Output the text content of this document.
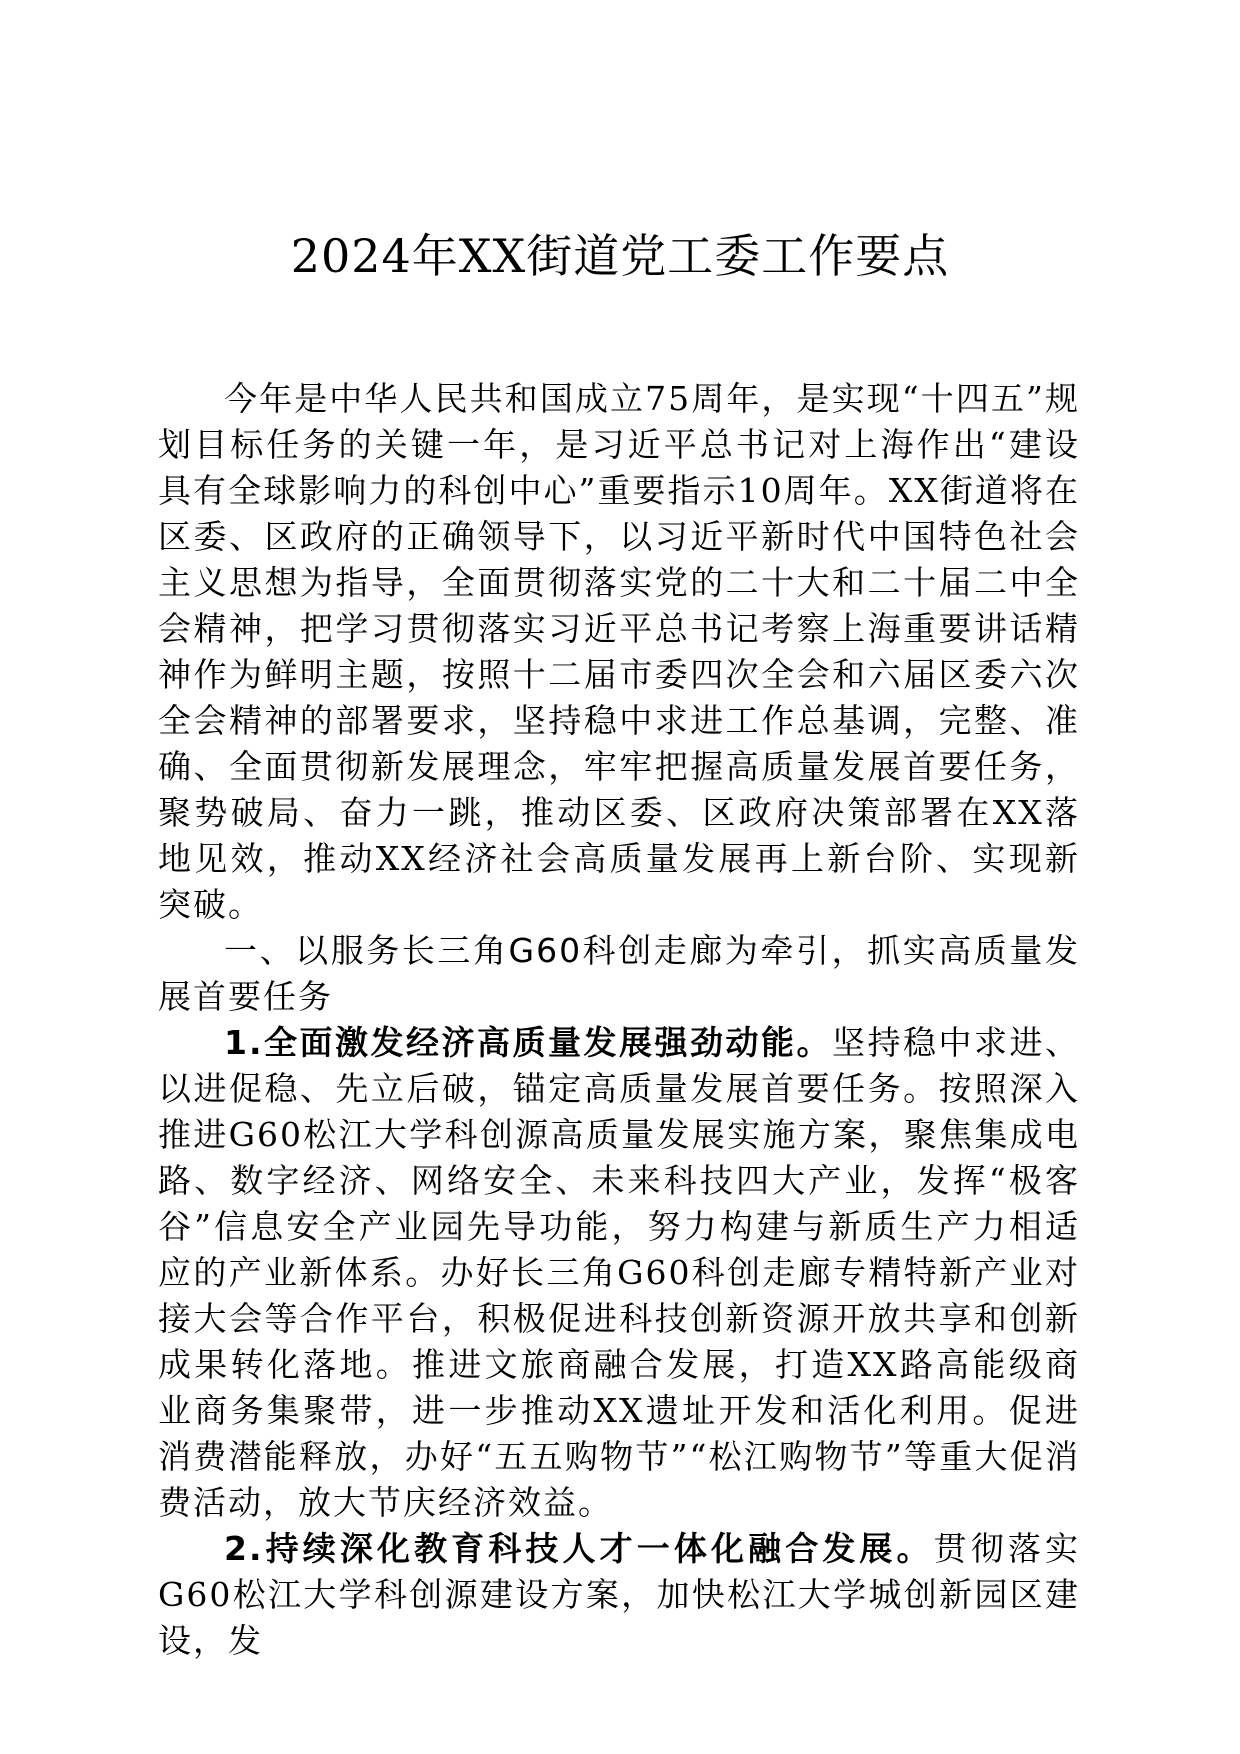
2024年XX街道党工委工作要点

今年是中华人民共和国成立75周年，是实现“十四五”规划目标任务的关键一年，是习近平总书记对上海作出“建设具有全球影响力的科创中心”重要指示10周年。XX街道将在区委、区政府的正确领导下，以习近平新时代中国特色社会主义思想为指导，全面贯彻落实党的二十大和二十届二中全会精神，把学习贯彻落实习近平总书记考察上海重要讲话精神作为鲜明主题，按照十二届市委四次全会和六届区委六次全会精神的部署要求，坚持稳中求进工作总基调，完整、准确、全面贯彻新发展理念，牢牢把握高质量发展首要任务，聚势破局、奋力一跳，推动区委、区政府决策部署在XX落地见效，推动XX经济社会高质量发展再上新台阶、实现新突破。

一、以服务长三角G60科创走廊为牵引，抓实高质量发展首要任务

1.全面激发经济高质量发展强劲动能。坚持稳中求进、以进促稳、先立后破，锚定高质量发展首要任务。按照深入推进G60松江大学科创源高质量发展实施方案，聚焦集成电路、数字经济、网络安全、未来科技四大产业，发挥“极客谷”信息安全产业园先导功能，努力构建与新质生产力相适应的产业新体系。办好长三角G60科创走廊专精特新产业对接大会等合作平台，积极促进科技创新资源开放共享和创新成果转化落地。推进文旅商融合发展，打造XX路高能级商业商务集聚带，进一步推动XX遗址开发和活化利用。促进消费潜能释放，办好“五五购物节”“松江购物节”等重大促消费活动，放大节庆经济效益。

2.持续深化教育科技人才一体化融合发展。贯彻落实G60松江大学科创源建设方案，加快松江大学城创新园区建设，发
